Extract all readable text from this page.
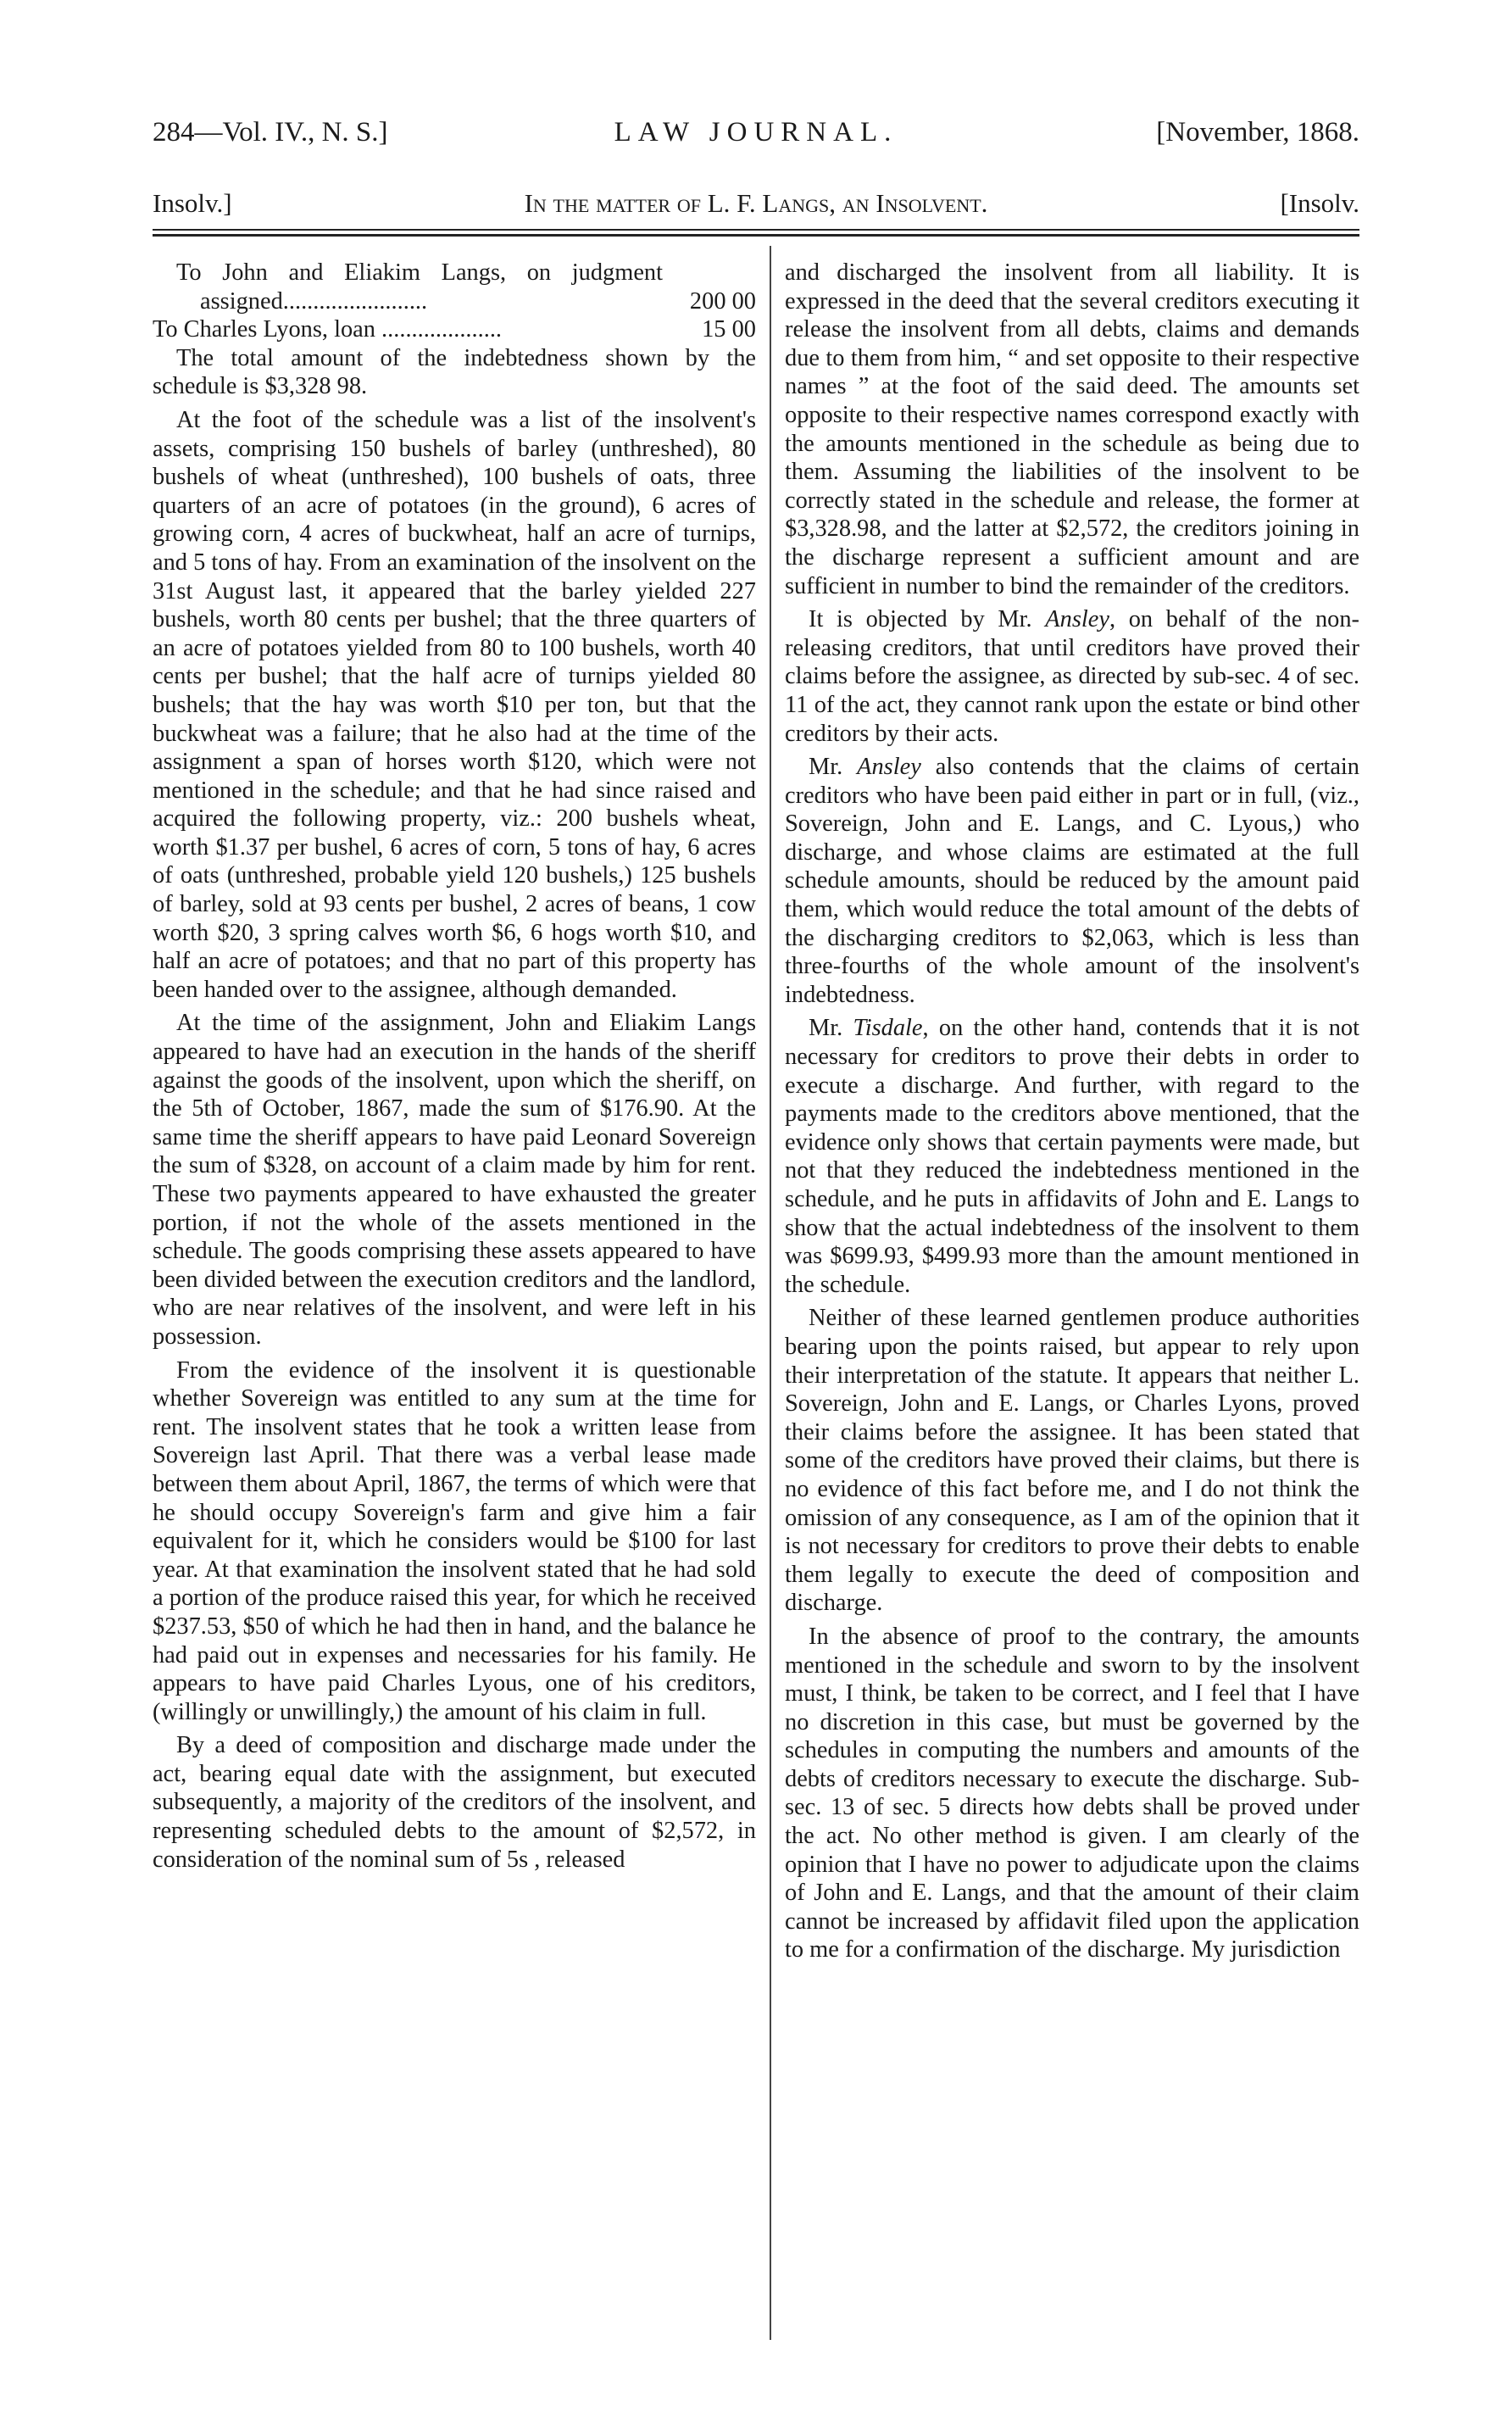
284—Vol. IV., N. S.]	LAW JOURNAL.	[November, 1868.
Insolv.]	In the matter of L. F. Langs, an Insolvent.	[Insolv.
To John and Eliakim Langs, on judgment assigned........................	200 00
To Charles Lyons, loan ....................	15 00

The total amount of the indebtedness shown by the schedule is $3,328 98.

At the foot of the schedule was a list of the insolvent's assets, comprising 150 bushels of barley (unthreshed), 80 bushels of wheat (unthreshed), 100 bushels of oats, three quarters of an acre of potatoes (in the ground), 6 acres of growing corn, 4 acres of buckwheat, half an acre of turnips, and 5 tons of hay. From an examination of the insolvent on the 31st August last, it appeared that the barley yielded 227 bushels, worth 80 cents per bushel; that the three quarters of an acre of potatoes yielded from 80 to 100 bushels, worth 40 cents per bushel; that the half acre of turnips yielded 80 bushels; that the hay was worth $10 per ton, but that the buckwheat was a failure; that he also had at the time of the assignment a span of horses worth $120, which were not mentioned in the schedule; and that he had since raised and acquired the following property, viz.: 200 bushels wheat, worth $1.37 per bushel, 6 acres of corn, 5 tons of hay, 6 acres of oats (unthreshed, probable yield 120 bushels,) 125 bushels of barley, sold at 93 cents per bushel, 2 acres of beans, 1 cow worth $20, 3 spring calves worth $6, 6 hogs worth $10, and half an acre of potatoes; and that no part of this property has been handed over to the assignee, although demanded.

At the time of the assignment, John and Eliakim Langs appeared to have had an execution in the hands of the sheriff against the goods of the insolvent, upon which the sheriff, on the 5th of October, 1867, made the sum of $176.90. At the same time the sheriff appears to have paid Leonard Sovereign the sum of $328, on account of a claim made by him for rent. These two payments appeared to have exhausted the greater portion, if not the whole of the assets mentioned in the schedule. The goods comprising these assets appeared to have been divided between the execution creditors and the landlord, who are near relatives of the insolvent, and were left in his possession.

From the evidence of the insolvent it is questionable whether Sovereign was entitled to any sum at the time for rent. The insolvent states that he took a written lease from Sovereign last April. That there was a verbal lease made between them about April, 1867, the terms of which were that he should occupy Sovereign's farm and give him a fair equivalent for it, which he considers would be $100 for last year. At that examination the insolvent stated that he had sold a portion of the produce raised this year, for which he received $237.53, $50 of which he had then in hand, and the balance he had paid out in expenses and necessaries for his family. He appears to have paid Charles Lyous, one of his creditors, (willingly or unwillingly,) the amount of his claim in full.

By a deed of composition and discharge made under the act, bearing equal date with the assignment, but executed subsequently, a majority of the creditors of the insolvent, and representing scheduled debts to the amount of $2,572, in consideration of the nominal sum of 5s , released

and discharged the insolvent from all liability. It is expressed in the deed that the several creditors executing it release the insolvent from all debts, claims and demands due to them from him, “ and set opposite to their respective names ” at the foot of the said deed. The amounts set opposite to their respective names correspond exactly with the amounts mentioned in the schedule as being due to them. Assuming the liabilities of the insolvent to be correctly stated in the schedule and release, the former at $3,328.98, and the latter at $2,572, the creditors joining in the discharge represent a sufficient amount and are sufficient in number to bind the remainder of the creditors.

It is objected by Mr. Ansley, on behalf of the non-releasing creditors, that until creditors have proved their claims before the assignee, as directed by sub-sec. 4 of sec. 11 of the act, they cannot rank upon the estate or bind other creditors by their acts.

Mr. Ansley also contends that the claims of certain creditors who have been paid either in part or in full, (viz., Sovereign, John and E. Langs, and C. Lyous,) who discharge, and whose claims are estimated at the full schedule amounts, should be reduced by the amount paid them, which would reduce the total amount of the debts of the discharging creditors to $2,063, which is less than three-fourths of the whole amount of the insolvent's indebtedness.

Mr. Tisdale, on the other hand, contends that it is not necessary for creditors to prove their debts in order to execute a discharge. And further, with regard to the payments made to the creditors above mentioned, that the evidence only shows that certain payments were made, but not that they reduced the indebtedness mentioned in the schedule, and he puts in affidavits of John and E. Langs to show that the actual indebtedness of the insolvent to them was $699.93, $499.93 more than the amount mentioned in the schedule.

Neither of these learned gentlemen produce authorities bearing upon the points raised, but appear to rely upon their interpretation of the statute. It appears that neither L. Sovereign, John and E. Langs, or Charles Lyons, proved their claims before the assignee. It has been stated that some of the creditors have proved their claims, but there is no evidence of this fact before me, and I do not think the omission of any consequence, as I am of the opinion that it is not necessary for creditors to prove their debts to enable them legally to execute the deed of composition and discharge.

In the absence of proof to the contrary, the amounts mentioned in the schedule and sworn to by the insolvent must, I think, be taken to be correct, and I feel that I have no discretion in this case, but must be governed by the schedules in computing the numbers and amounts of the debts of creditors necessary to execute the discharge. Sub-sec. 13 of sec. 5 directs how debts shall be proved under the act. No other method is given. I am clearly of the opinion that I have no power to adjudicate upon the claims of John and E. Langs, and that the amount of their claim cannot be increased by affidavit filed upon the application to me for a confirmation of the discharge. My jurisdiction
